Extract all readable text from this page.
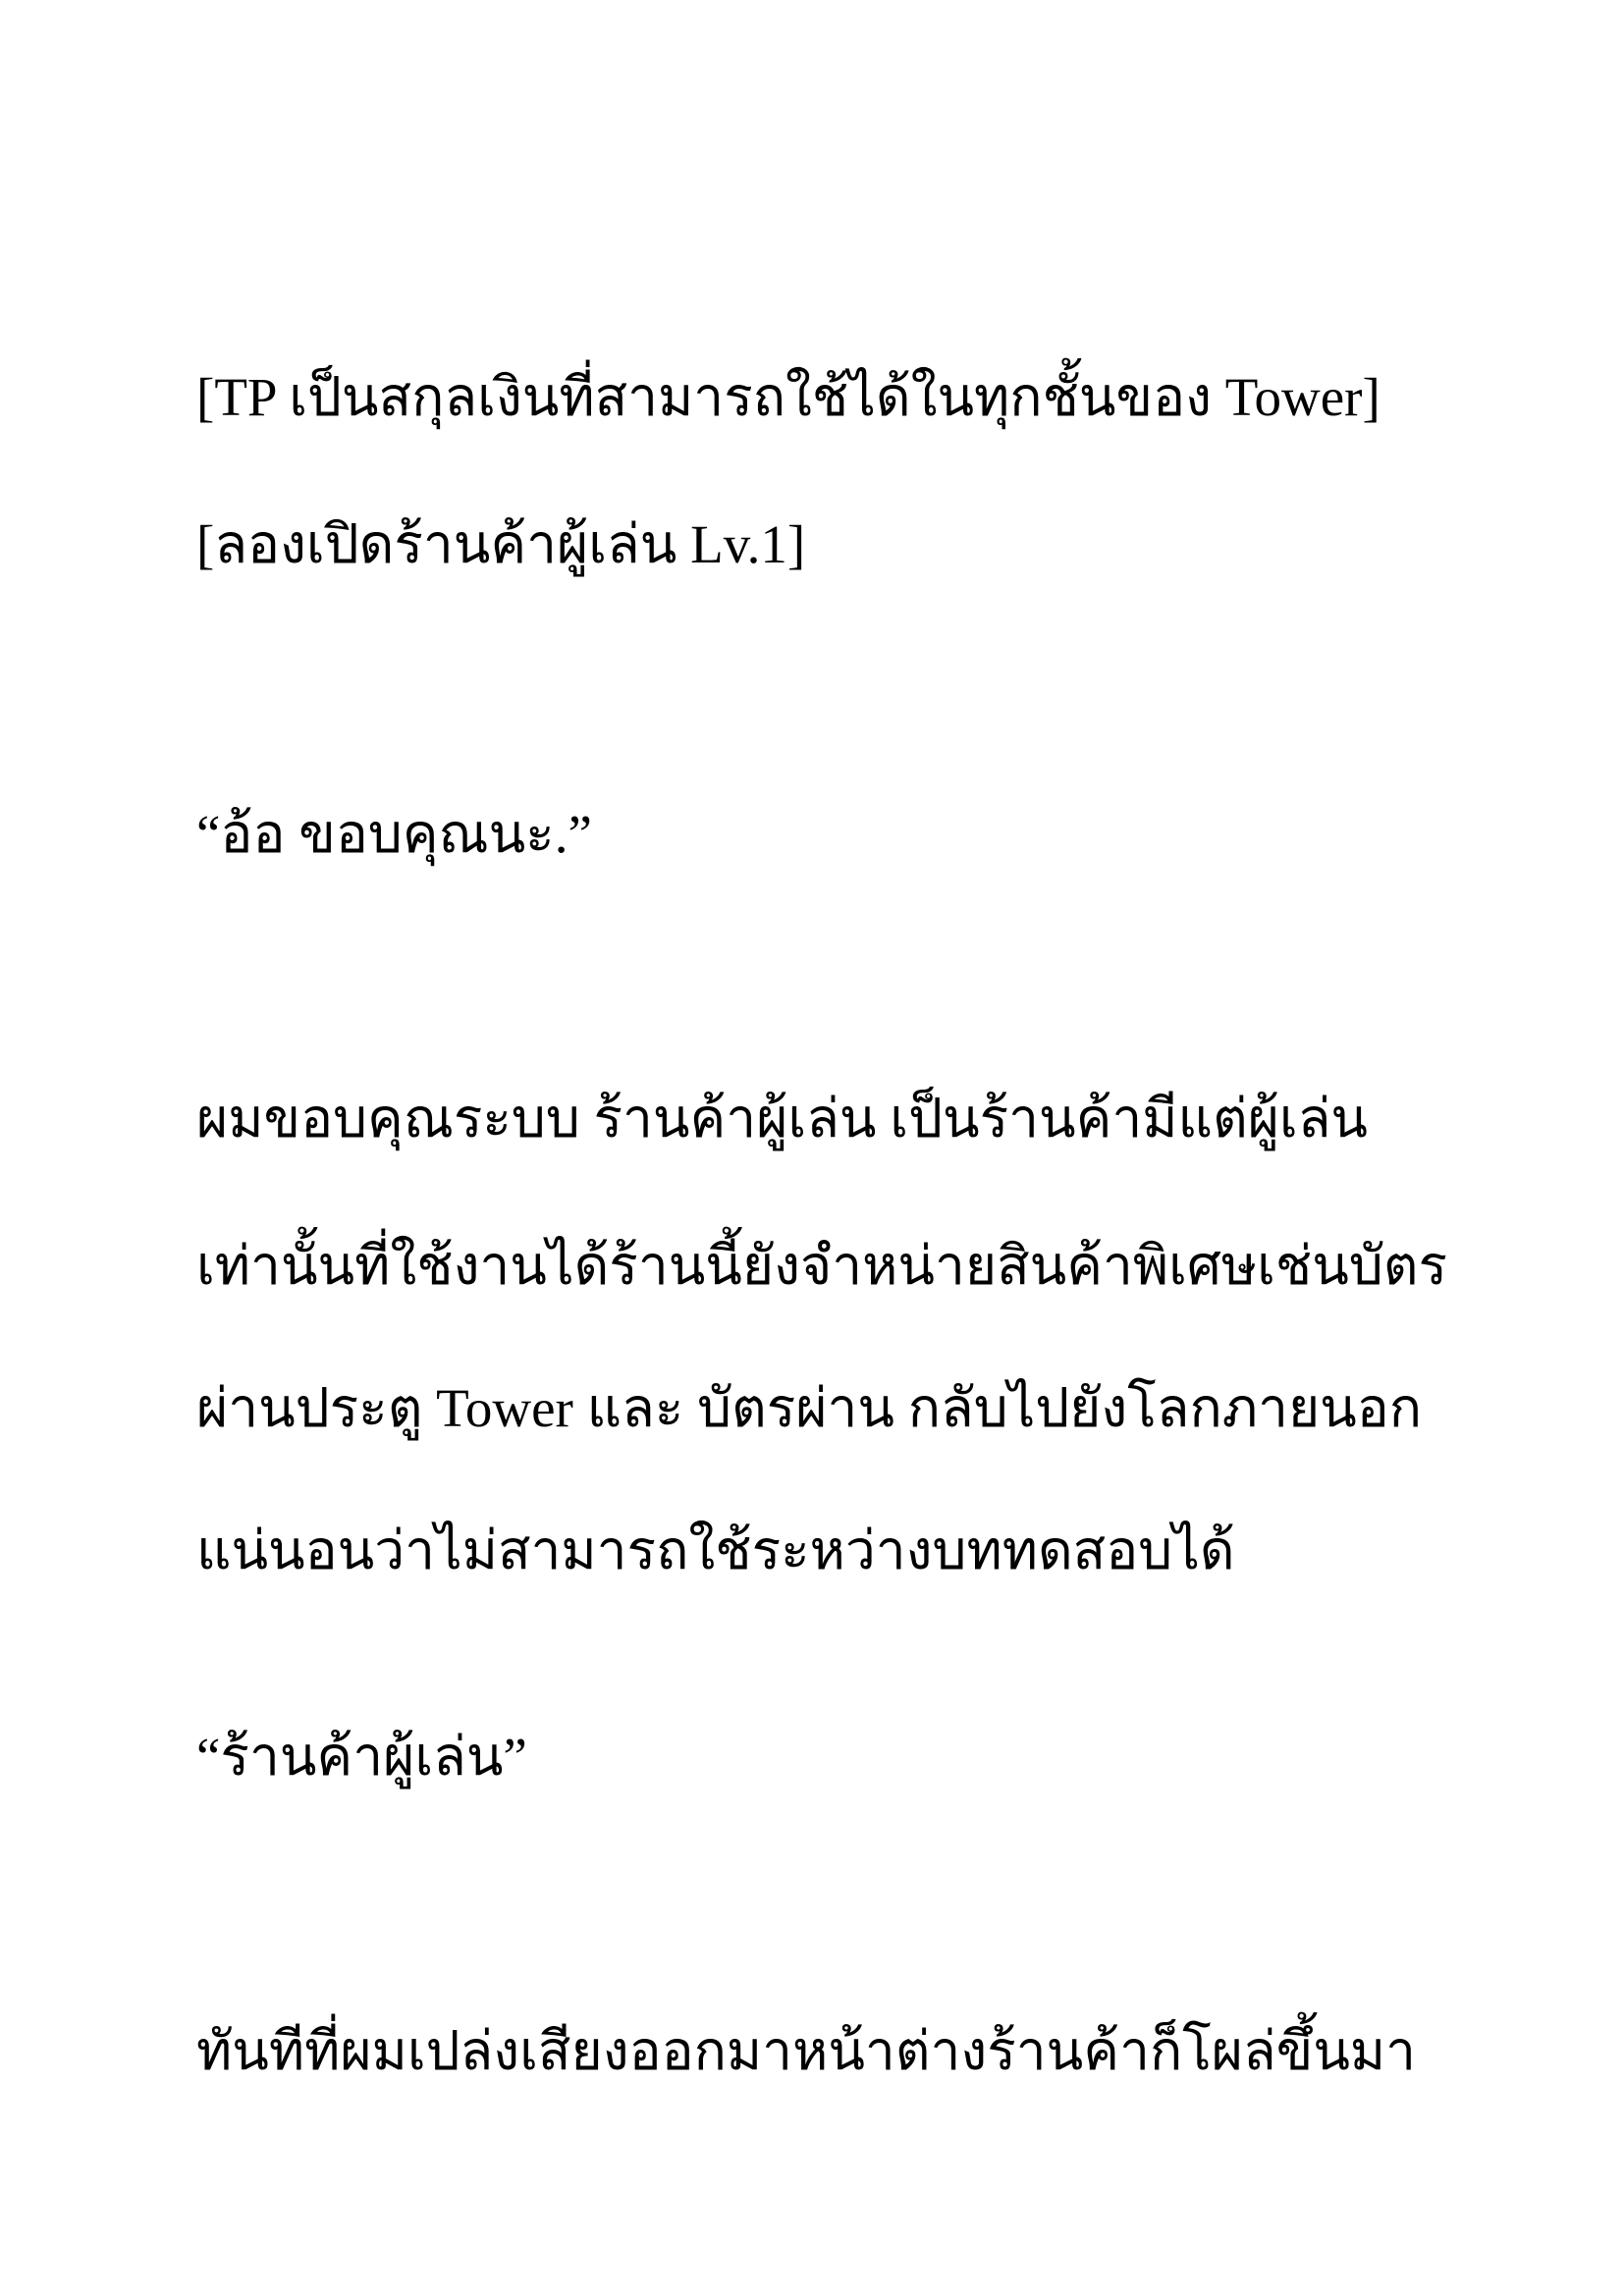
[TP เป็นสกุลเงินที่สามารถใช้ได้ในทุกชั้นของ Tower]

[ลองเปิดร้านค้าผู้เล่น Lv.1]

“อ้อ ขอบคุณนะ.”

ผมขอบคุณระบบ ร้านค้าผู้เล่น เป็นร้านค้ามีแต่ผู้เล่น

เท่านั้นที่ใช้งานได้ร้านนี้ยังจำหน่ายสินค้าพิเศษเช่นบัตร

ผ่านประตู Tower และ บัตรผ่าน กลับไปยังโลกภายนอก

แน่นอนว่าไม่สามารถใช้ระหว่างบททดสอบได้

“ร้านค้าผู้เล่น”

ทันทีที่ผมเปล่งเสียงออกมาหน้าต่างร้านค้าก็โผล่ขึ้นมา
